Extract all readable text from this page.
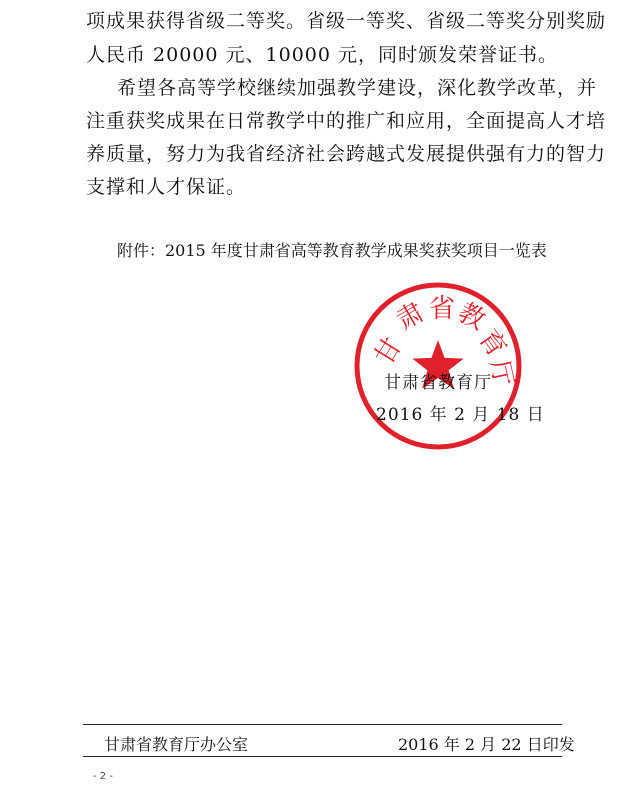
项成果获得省级二等奖。省级一等奖、省级二等奖分别奖励
人民币 20000 元、10000 元，同时颁发荣誉证书。
希望各高等学校继续加强教学建设，深化教学改革，并
注重获奖成果在日常教学中的推广和应用，全面提高人才培
养质量，努力为我省经济社会跨越式发展提供强有力的智力
支撑和人才保证。
附件：2015 年度甘肃省高等教育教学成果奖获奖项目一览表
甘
肃 省
教
育
厅
甘肃省教育厅
2016 年 2 月 18 日
甘肃省教育厅办公室	2016 年 2 月 22 日印发
- 2 -
